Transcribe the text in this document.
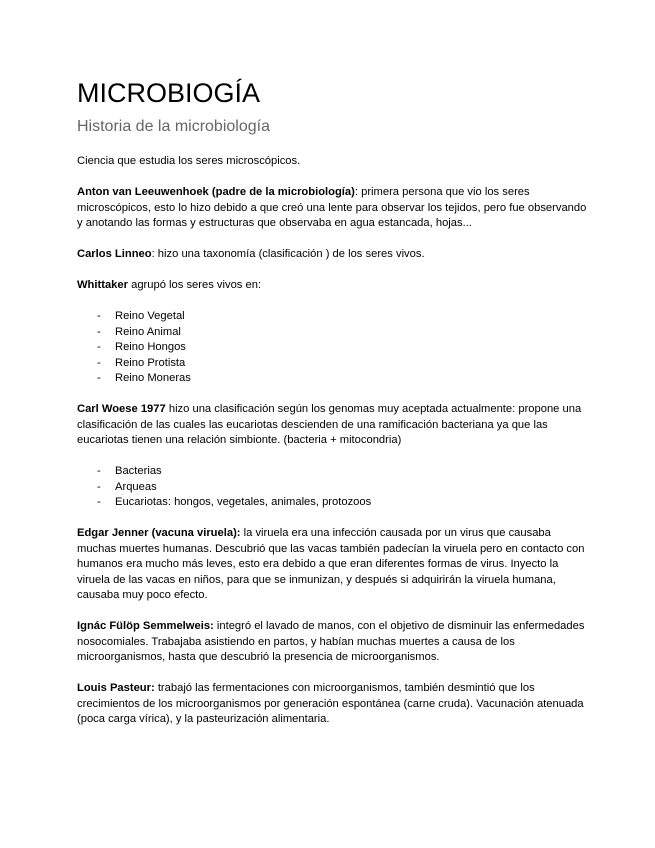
MICROBIOGÍA
Historia de la microbiología

Ciencia que estudia los seres microscópicos.

Anton van Leeuwenhoek (padre de la microbiología): primera persona que vio los seres microscópicos, esto lo hizo debido a que creó una lente para observar los tejidos, pero fue observando y anotando las formas y estructuras que observaba en agua estancada, hojas...

Carlos Linneo: hizo una taxonomía (clasificación ) de los seres vivos.

Whittaker agrupó los seres vivos en:

- Reino Vegetal
- Reino Animal
- Reino Hongos
- Reino Protista
- Reino Moneras

Carl Woese 1977 hizo una clasificación según los genomas muy aceptada actualmente: propone una clasificación de las cuales las eucariotas descienden de una ramificación bacteriana ya que las eucariotas tienen una relación simbionte. (bacteria + mitocondria)

- Bacterias
- Arqueas
- Eucariotas: hongos, vegetales, animales, protozoos

Edgar Jenner (vacuna viruela): la viruela era una infección causada por un virus que causaba muchas muertes humanas. Descubrió que las vacas también padecían la viruela pero en contacto con humanos era mucho más leves, esto era debido a que eran diferentes formas de virus. Inyecto la viruela de las vacas en niños, para que se inmunizan, y después si adquirirán la viruela humana, causaba muy poco efecto.

Ignác Fülöp Semmelweis: integró el lavado de manos, con el objetivo de disminuir las enfermedades nosocomiales. Trabajaba asistiendo en partos, y habían muchas muertes a causa de los microorganismos, hasta que descubrió la presencia de microorganismos.

Louis Pasteur: trabajó las fermentaciones con microorganismos, también desmintió que los crecimientos de los microorganismos por generación espontánea (carne cruda). Vacunación atenuada (poca carga vírica), y la pasteurización alimentaria.
